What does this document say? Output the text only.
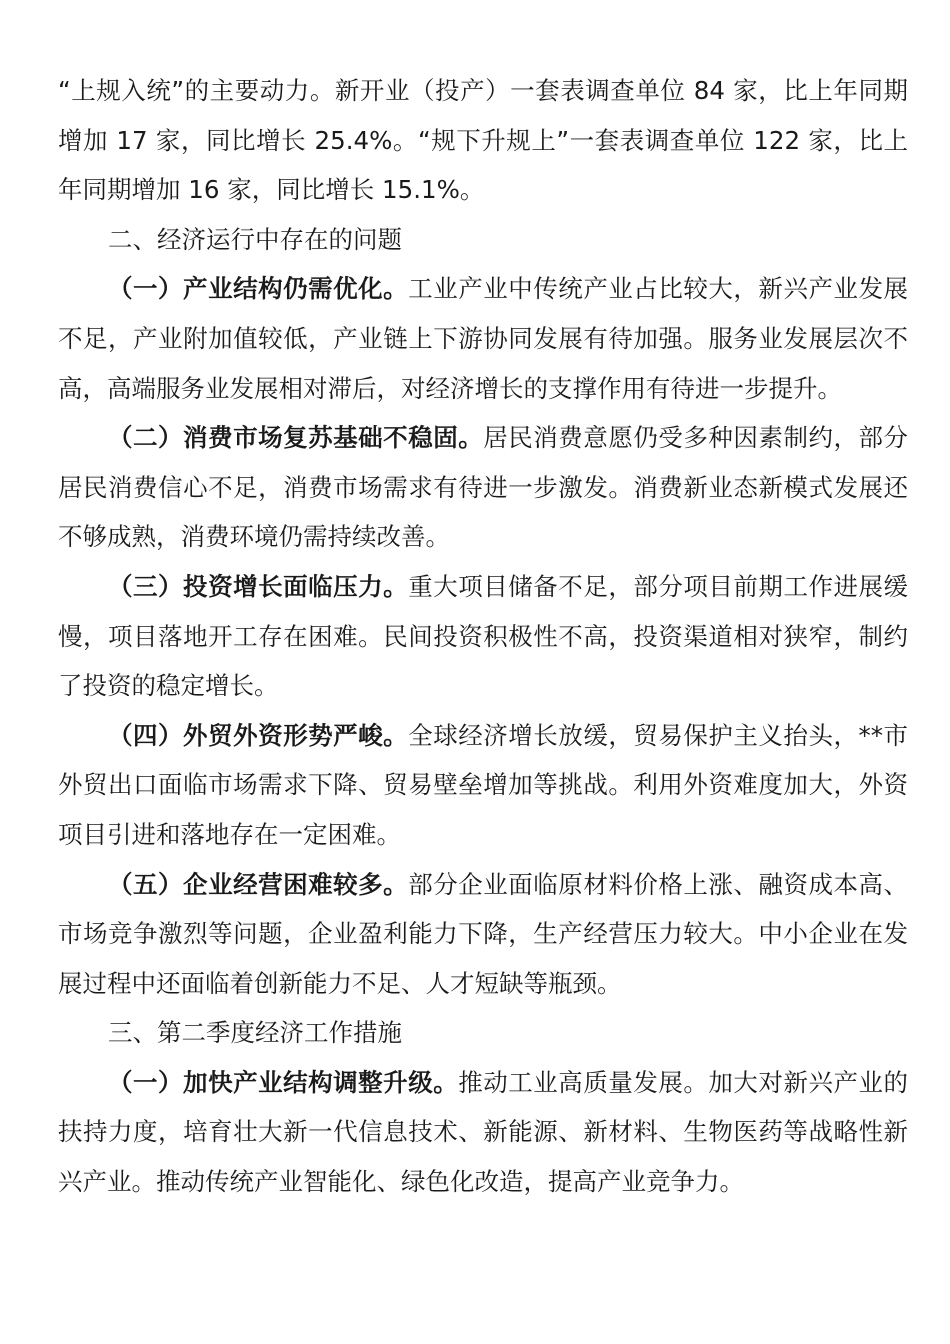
“上规入统”的主要动力。新开业（投产）一套表调查单位 84 家，比上年同期增加 17 家，同比增长 25.4%。“规下升规上”一套表调查单位 122 家，比上年同期增加 16 家，同比增长 15.1%。

二、经济运行中存在的问题

（一）产业结构仍需优化。工业产业中传统产业占比较大，新兴产业发展不足，产业附加值较低，产业链上下游协同发展有待加强。服务业发展层次不高，高端服务业发展相对滞后，对经济增长的支撑作用有待进一步提升。

（二）消费市场复苏基础不稳固。居民消费意愿仍受多种因素制约，部分居民消费信心不足，消费市场需求有待进一步激发。消费新业态新模式发展还不够成熟，消费环境仍需持续改善。

（三）投资增长面临压力。重大项目储备不足，部分项目前期工作进展缓慢，项目落地开工存在困难。民间投资积极性不高，投资渠道相对狭窄，制约了投资的稳定增长。

（四）外贸外资形势严峻。全球经济增长放缓，贸易保护主义抬头，**市外贸出口面临市场需求下降、贸易壁垒增加等挑战。利用外资难度加大，外资项目引进和落地存在一定困难。

（五）企业经营困难较多。部分企业面临原材料价格上涨、融资成本高、市场竞争激烈等问题，企业盈利能力下降，生产经营压力较大。中小企业在发展过程中还面临着创新能力不足、人才短缺等瓶颈。

三、第二季度经济工作措施

（一）加快产业结构调整升级。推动工业高质量发展。加大对新兴产业的扶持力度，培育壮大新一代信息技术、新能源、新材料、生物医药等战略性新兴产业。推动传统产业智能化、绿色化改造，提高产业竞争力。
